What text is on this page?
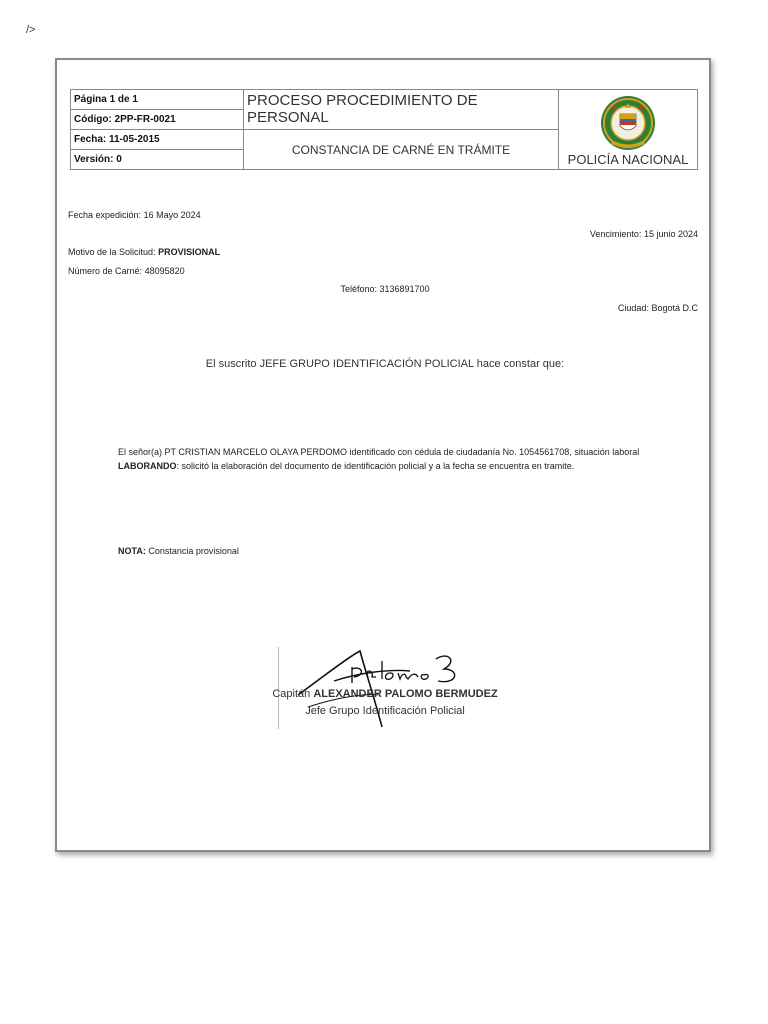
/>
Página 1 de 1	PROCESO PROCEDIMIENTO DE PERSONAL	POLICÍA NACIONAL

Código: 2PP-FR-0021		
Fecha: 11-05-2015	CONSTANCIA DE CARNÉ EN TRÁMITE	
Versión: 0		
Fecha expedición: 16 Mayo 2024
Vencimiento: 15 junio 2024
Motivo de la Solicitud: PROVISIONAL
Número de Carné: 48095820
Teléfono: 3136891700
Ciudad: Bogotá D.C
El suscrito JEFE GRUPO IDENTIFICACIÓN POLICIAL hace constar que:
El señor(a) PT CRISTIAN MARCELO OLAYA PERDOMO identificado con cédula de ciudadanía No. 1054561708, situación laboral
LABORANDO: solicitó la elaboración del documento de identificación policial y a la fecha se encuentra en tramite.
NOTA: Constancia provisional
Capitán ALEXANDER PALOMO BERMUDEZ
Jefe Grupo Identificación Policial
